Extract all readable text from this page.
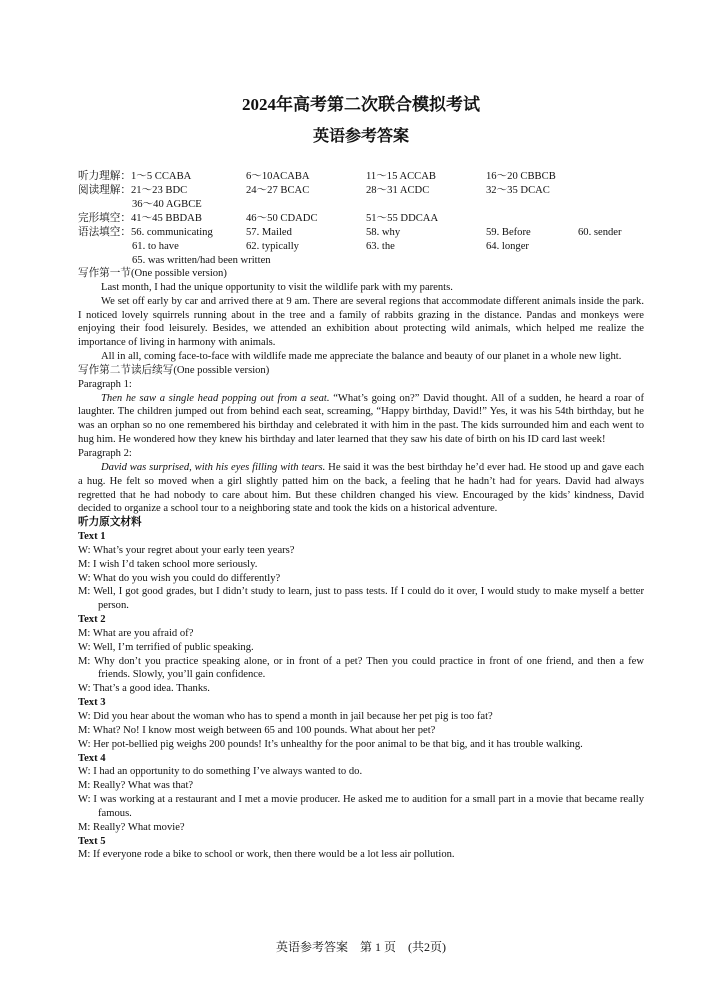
2024年高考第二次联合模拟考试
英语参考答案
听力理解：1～5 CCABA	6～10ACABA	11～15 ACCAB	16～20 CBBCB
阅读理解：21～23 BDC	24～27 BCAC	28～31 ACDC	32～35 DCAC
36～40 AGBCE
完形填空：41～45 BBDAB	46～50 CDADC	51～55 DDCAA
语法填空：56. communicating	57. Mailed	58. why	59. Before	60. sender
61. to have	62. typically	63. the	64. longer
65. was written/had been written

写作第一节(One possible version)

Last month, I had the unique opportunity to visit the wildlife park with my parents.

We set off early by car and arrived there at 9 am. There are several regions that accommodate different animals inside the park. I noticed lovely squirrels running about in the tree and a family of rabbits grazing in the distance. Pandas and monkeys were enjoying their food leisurely. Besides, we attended an exhibition about protecting wild animals, which helped me realize the importance of living in harmony with animals.

All in all, coming face-to-face with wildlife made me appreciate the balance and beauty of our planet in a whole new light.

写作第二节读后续写(One possible version)

Paragraph 1:

Then he saw a single head popping out from a seat. “What’s going on?” David thought. All of a sudden, he heard a roar of laughter. The children jumped out from behind each seat, screaming, “Happy birthday, David!” Yes, it was his 54th birthday, but he was an orphan so no one remembered his birthday and celebrated it with him in the past. The kids surrounded him and each went to hug him. He wondered how they knew his birthday and later learned that they saw his date of birth on his ID card last week!

Paragraph 2:

David was surprised, with his eyes filling with tears. He said it was the best birthday he’d ever had. He stood up and gave each a hug. He felt so moved when a girl slightly patted him on the back, a feeling that he hadn’t had for years. David had always regretted that he had nobody to care about him. But these children changed his view. Encouraged by the kids’ kindness, David decided to organize a school tour to a neighboring state and took the kids on a historical adventure.

听力原文材料

Text 1

W: What’s your regret about your early teen years?

M: I wish I’d taken school more seriously.

W: What do you wish you could do differently?

M: Well, I got good grades, but I didn’t study to learn, just to pass tests. If I could do it over, I would study to make myself a better person.

Text 2

M: What are you afraid of?

W: Well, I’m terrified of public speaking.

M: Why don’t you practice speaking alone, or in front of a pet? Then you could practice in front of one friend, and then a few friends. Slowly, you’ll gain confidence.

W: That’s a good idea. Thanks.

Text 3

W: Did you hear about the woman who has to spend a month in jail because her pet pig is too fat?

M: What? No! I know most weigh between 65 and 100 pounds. What about her pet?

W: Her pot-bellied pig weighs 200 pounds! It’s unhealthy for the poor animal to be that big, and it has trouble walking.

Text 4

W: I had an opportunity to do something I’ve always wanted to do.

M: Really? What was that?

W: I was working at a restaurant and I met a movie producer. He asked me to audition for a small part in a movie that became really famous.

M: Really? What movie?

Text 5

M: If everyone rode a bike to school or work, then there would be a lot less air pollution.

英语参考答案　第 1 页　(共2页)
